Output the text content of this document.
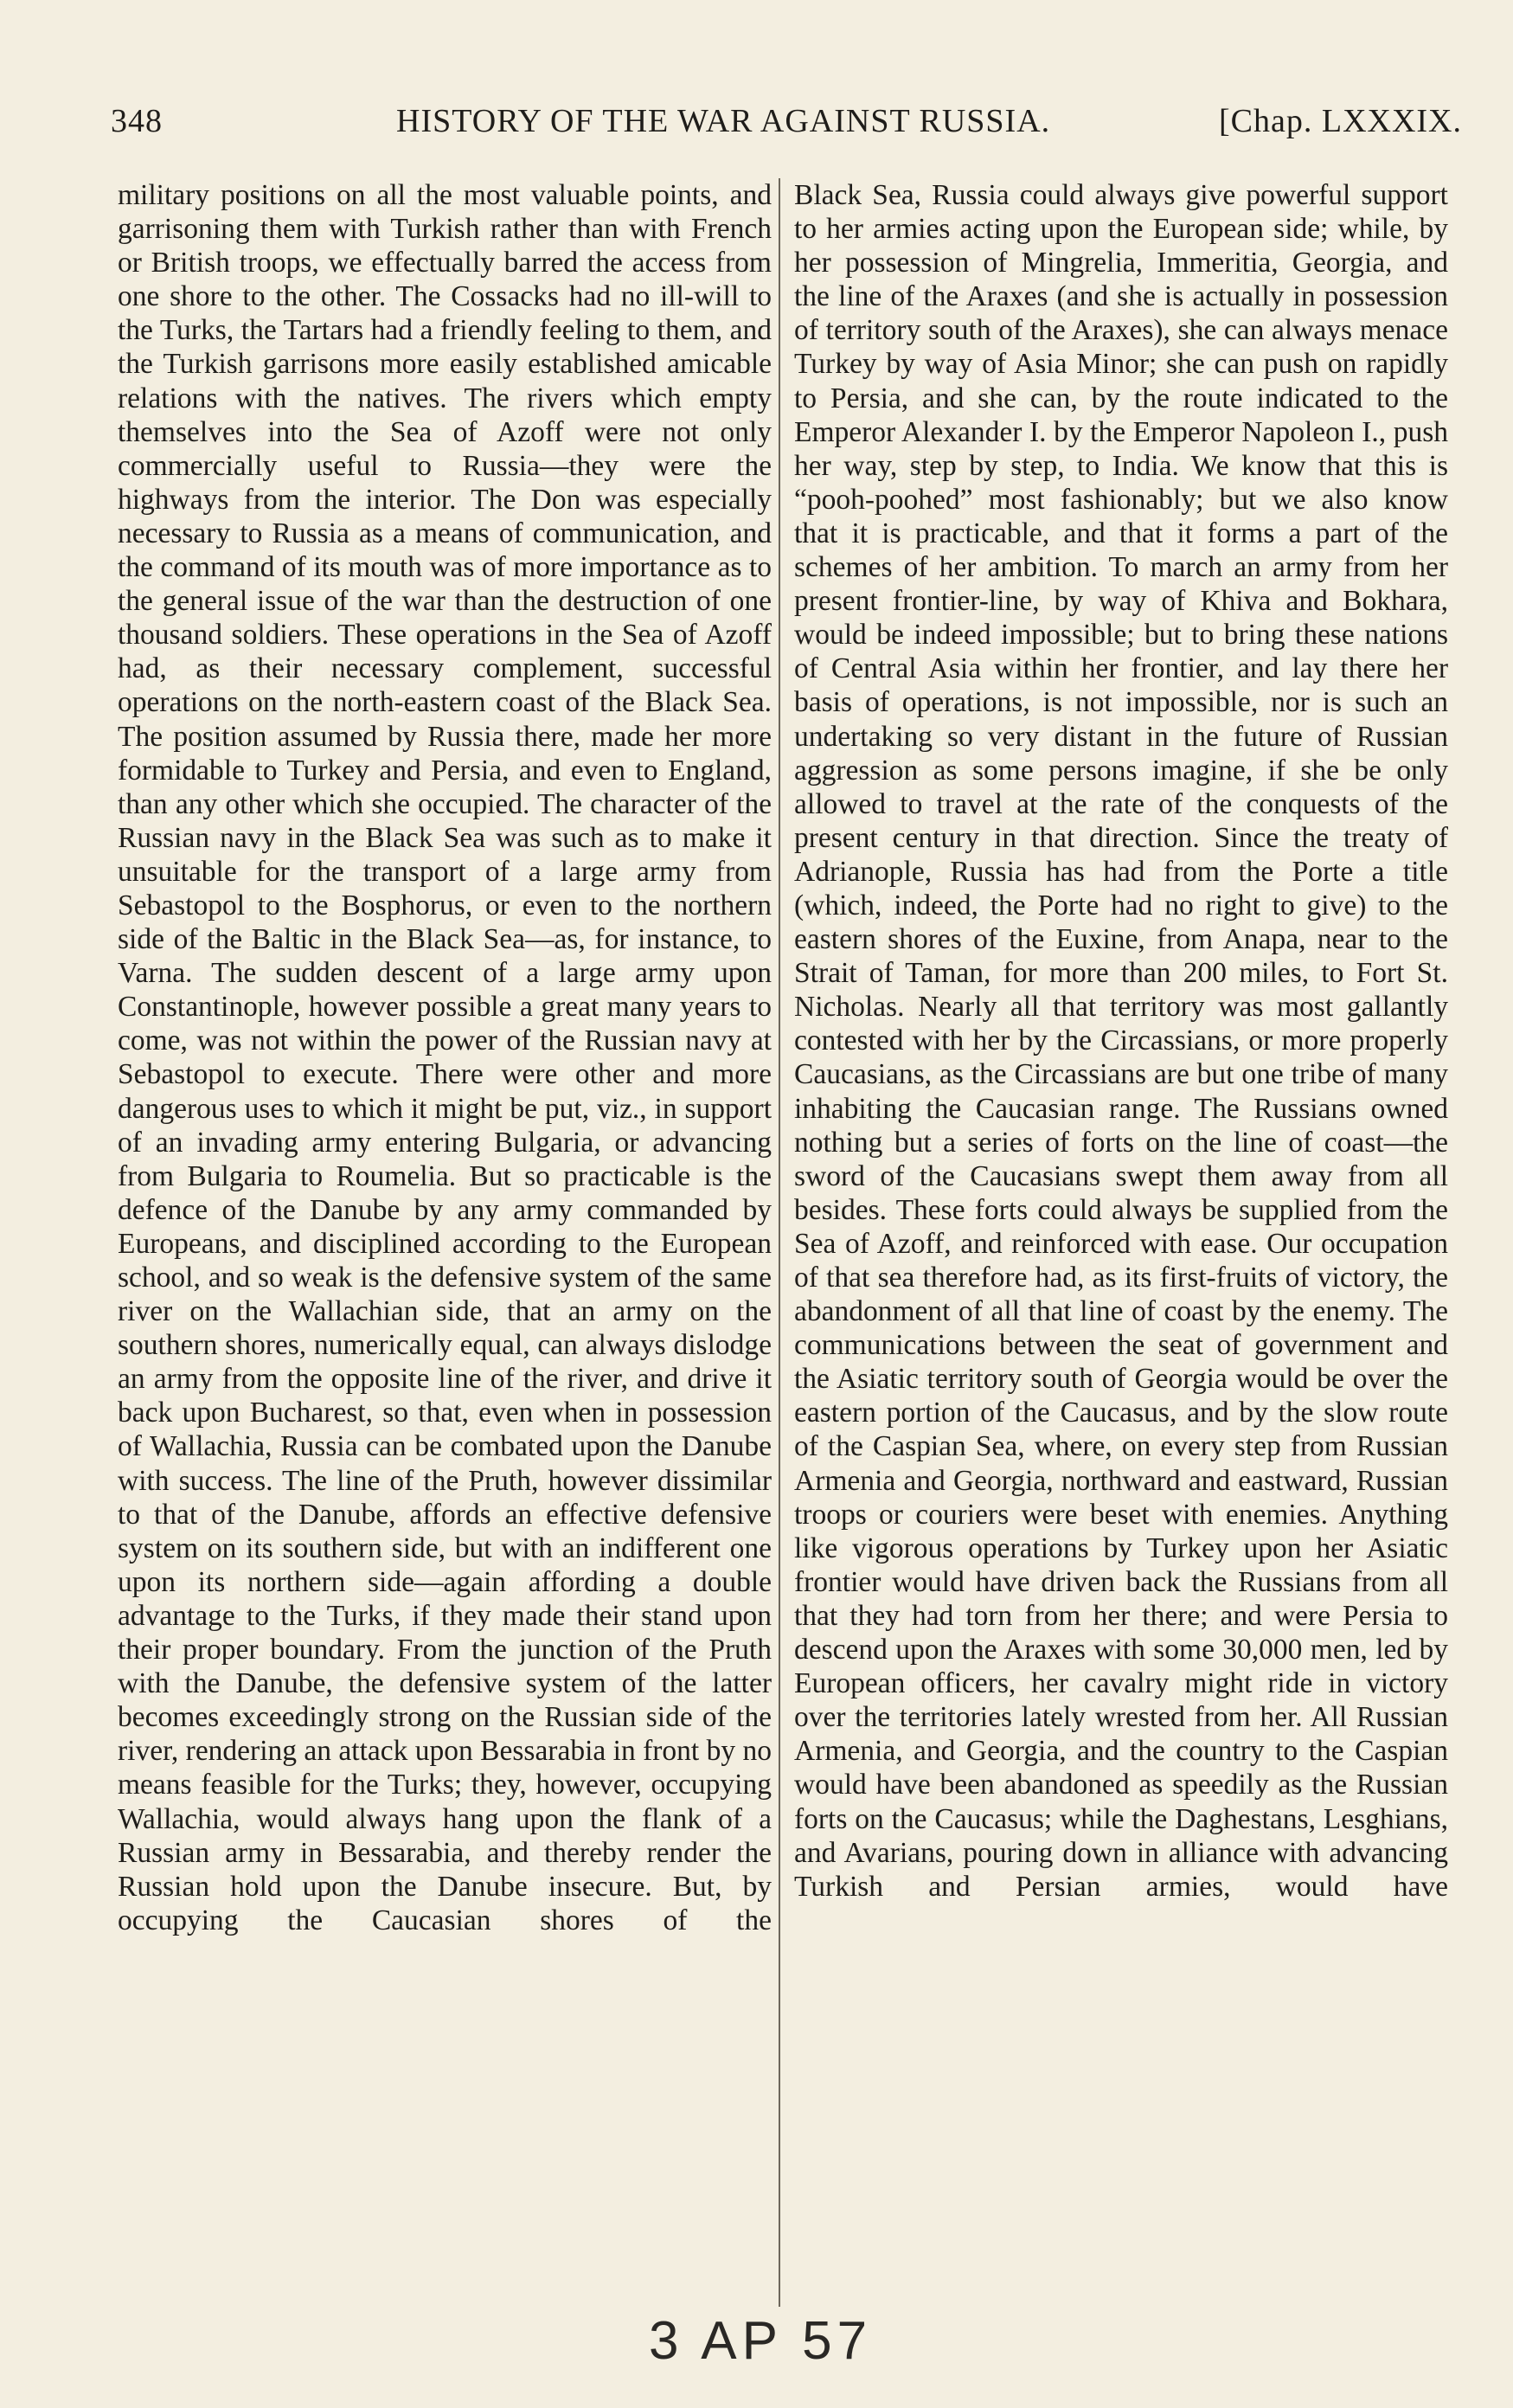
348	HISTORY OF THE WAR AGAINST RUSSIA.	[Chap. LXXXIX.

military positions on all the most valuable points, and garrisoning them with Turkish rather than with French or British troops, we effectually barred the access from one shore to the other. The Cossacks had no ill-will to the Turks, the Tartars had a friendly feeling to them, and the Turkish garrisons more easily established amicable relations with the natives. The rivers which empty themselves into the Sea of Azoff were not only commercially useful to Russia—they were the highways from the interior. The Don was especially necessary to Russia as a means of communication, and the command of its mouth was of more importance as to the general issue of the war than the destruction of one thousand soldiers. These operations in the Sea of Azoff had, as their necessary complement, successful operations on the north-eastern coast of the Black Sea. The position assumed by Russia there, made her more formidable to Turkey and Persia, and even to England, than any other which she occupied. The character of the Russian navy in the Black Sea was such as to make it unsuitable for the transport of a large army from Sebastopol to the Bosphorus, or even to the northern side of the Baltic in the Black Sea—as, for instance, to Varna. The sudden descent of a large army upon Constantinople, however possible a great many years to come, was not within the power of the Russian navy at Sebastopol to execute. There were other and more dangerous uses to which it might be put, viz., in support of an invading army entering Bulgaria, or advancing from Bulgaria to Roumelia. But so practicable is the defence of the Danube by any army commanded by Europeans, and disciplined according to the European school, and so weak is the defensive system of the same river on the Wallachian side, that an army on the southern shores, numerically equal, can always dislodge an army from the opposite line of the river, and drive it back upon Bucharest, so that, even when in possession of Wallachia, Russia can be combated upon the Danube with success. The line of the Pruth, however dissimilar to that of the Danube, affords an effective defensive system on its southern side, but with an indifferent one upon its northern side—again affording a double advantage to the Turks, if they made their stand upon their proper boundary. From the junction of the Pruth with the Danube, the defensive system of the latter becomes exceedingly strong on the Russian side of the river, rendering an attack upon Bessarabia in front by no means feasible for the Turks; they, however, occupying Wallachia, would always hang upon the flank of a Russian army in Bessarabia, and thereby render the Russian hold upon the Danube insecure. But, by occupying the Caucasian shores of the

Black Sea, Russia could always give powerful support to her armies acting upon the European side; while, by her possession of Mingrelia, Immeritia, Georgia, and the line of the Araxes (and she is actually in possession of territory south of the Araxes), she can always menace Turkey by way of Asia Minor; she can push on rapidly to Persia, and she can, by the route indicated to the Emperor Alexander I. by the Emperor Napoleon I., push her way, step by step, to India. We know that this is “pooh-poohed” most fashionably; but we also know that it is practicable, and that it forms a part of the schemes of her ambition. To march an army from her present frontier-line, by way of Khiva and Bokhara, would be indeed impossible; but to bring these nations of Central Asia within her frontier, and lay there her basis of operations, is not impossible, nor is such an undertaking so very distant in the future of Russian aggression as some persons imagine, if she be only allowed to travel at the rate of the conquests of the present century in that direction. Since the treaty of Adrianople, Russia has had from the Porte a title (which, indeed, the Porte had no right to give) to the eastern shores of the Euxine, from Anapa, near to the Strait of Taman, for more than 200 miles, to Fort St. Nicholas. Nearly all that territory was most gallantly contested with her by the Circassians, or more properly Caucasians, as the Circassians are but one tribe of many inhabiting the Caucasian range. The Russians owned nothing but a series of forts on the line of coast—the sword of the Caucasians swept them away from all besides. These forts could always be supplied from the Sea of Azoff, and reinforced with ease. Our occupation of that sea therefore had, as its first-fruits of victory, the abandonment of all that line of coast by the enemy. The communications between the seat of government and the Asiatic territory south of Georgia would be over the eastern portion of the Caucasus, and by the slow route of the Caspian Sea, where, on every step from Russian Armenia and Georgia, northward and eastward, Russian troops or couriers were beset with enemies. Anything like vigorous operations by Turkey upon her Asiatic frontier would have driven back the Russians from all that they had torn from her there; and were Persia to descend upon the Araxes with some 30,000 men, led by European officers, her cavalry might ride in victory over the territories lately wrested from her. All Russian Armenia, and Georgia, and the country to the Caspian would have been abandoned as speedily as the Russian forts on the Caucasus; while the Daghestans, Lesghians, and Avarians, pouring down in alliance with advancing Turkish and Persian armies, would have

3 AP 57
